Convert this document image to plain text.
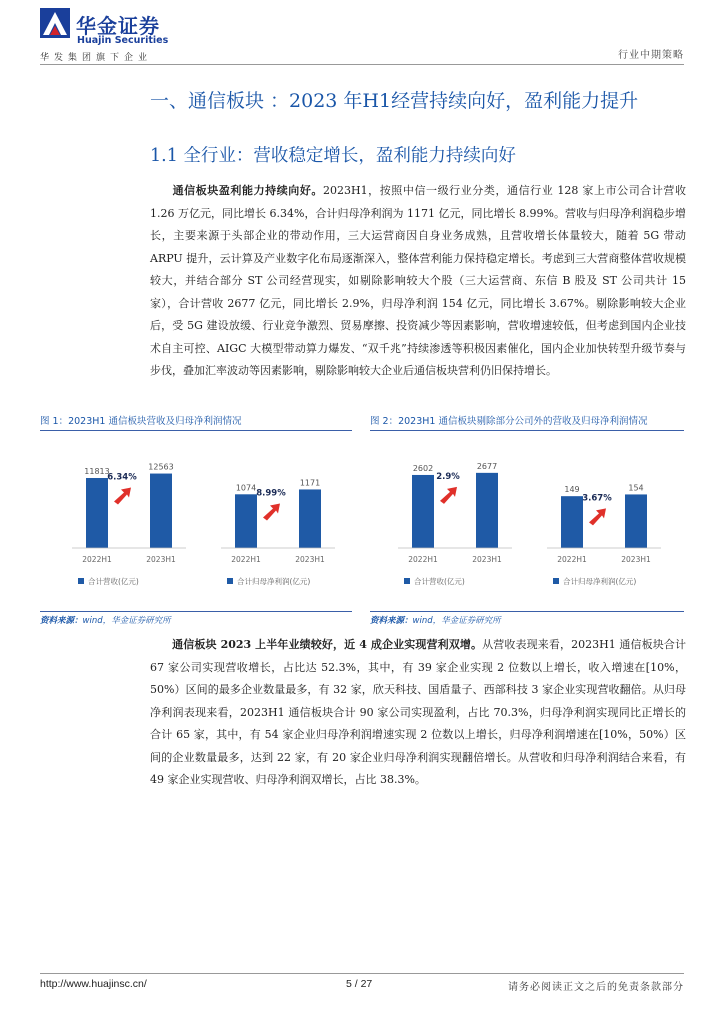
华金证券
Huajin Securities
华发集团旗下企业	行业中期策略
一、通信板块 ：2023 年H1经营持续向好，盈利能力提升
1.1 全行业：营收稳定增长，盈利能力持续向好
通信板块盈利能力持续向好。2023H1，按照中信一级行业分类，通信行业 128 家上市公司合计营收 1.26 万亿元，同比增长 6.34%，合计归母净利润为 1171 亿元，同比增长 8.99%。营收与归母净利润稳步增长，主要来源于头部企业的带动作用，三大运营商因自身业务成熟，且营收增长体量较大，随着 5G 带动 ARPU 提升，云计算及产业数字化布局逐渐深入，整体营利能力保持稳定增长。考虑到三大营商整体营收规模较大，并结合部分 ST 公司经营现实，如剔除影响较大个股（三大运营商、东信 B 股及 ST 公司共计 15 家），合计营收 2677 亿元，同比增长 2.9%，归母净利润 154 亿元，同比增长 3.67%。剔除影响较大企业后，受 5G 建设放缓、行业竞争激烈、贸易摩擦、投资减少等因素影响，营收增速较低，但考虑到国内企业技术自主可控、AIGC 大模型带动算力爆发、“双千兆”持续渗透等积极因素催化，国内企业加快转型升级节奏与步伐，叠加汇率波动等因素影响，剔除影响较大企业后通信板块营利仍旧保持增长。
图 1：2023H1 通信板块营收及归母净利润情况	图 2：2023H1 通信板块剔除部分公司外的营收及归母净利润情况
11813
2022H1
12563
2023H1
6.34%
合计营收(亿元)
1074
2022H1
1171
2023H1
8.99%
合计归母净利润(亿元)
2602
2022H1
2677
2023H1
2.9%
合计营收(亿元)
149
2022H1
154
2023H1
3.67%
合计归母净利润(亿元)
资料来源：wind，华金证券研究所	资料来源：wind，华金证券研究所
通信板块 2023 上半年业绩较好，近 4 成企业实现营利双增。从营收表现来看，2023H1 通信板块合计 67 家公司实现营收增长，占比达 52.3%，其中，有 39 家企业实现 2 位数以上增长，收入增速在[10%，50%）区间的最多企业数量最多，有 32 家，欣天科技、国盾量子、西部科技 3 家企业实现营收翻倍。从归母净利润表现来看，2023H1 通信板块合计 90 家公司实现盈利，占比 70.3%，归母净利润实现同比正增长的合计 65 家，其中，有 54 家企业归母净利润增速实现 2 位数以上增长，归母净利润增速在[10%，50%）区间的企业数量最多，达到 22 家，有 20 家企业归母净利润实现翻倍增长。从营收和归母净利润结合来看，有 49 家企业实现营收、归母净利润双增长，占比 38.3%。
http://www.huajinsc.cn/	5 / 27	请务必阅读正文之后的免责条款部分
